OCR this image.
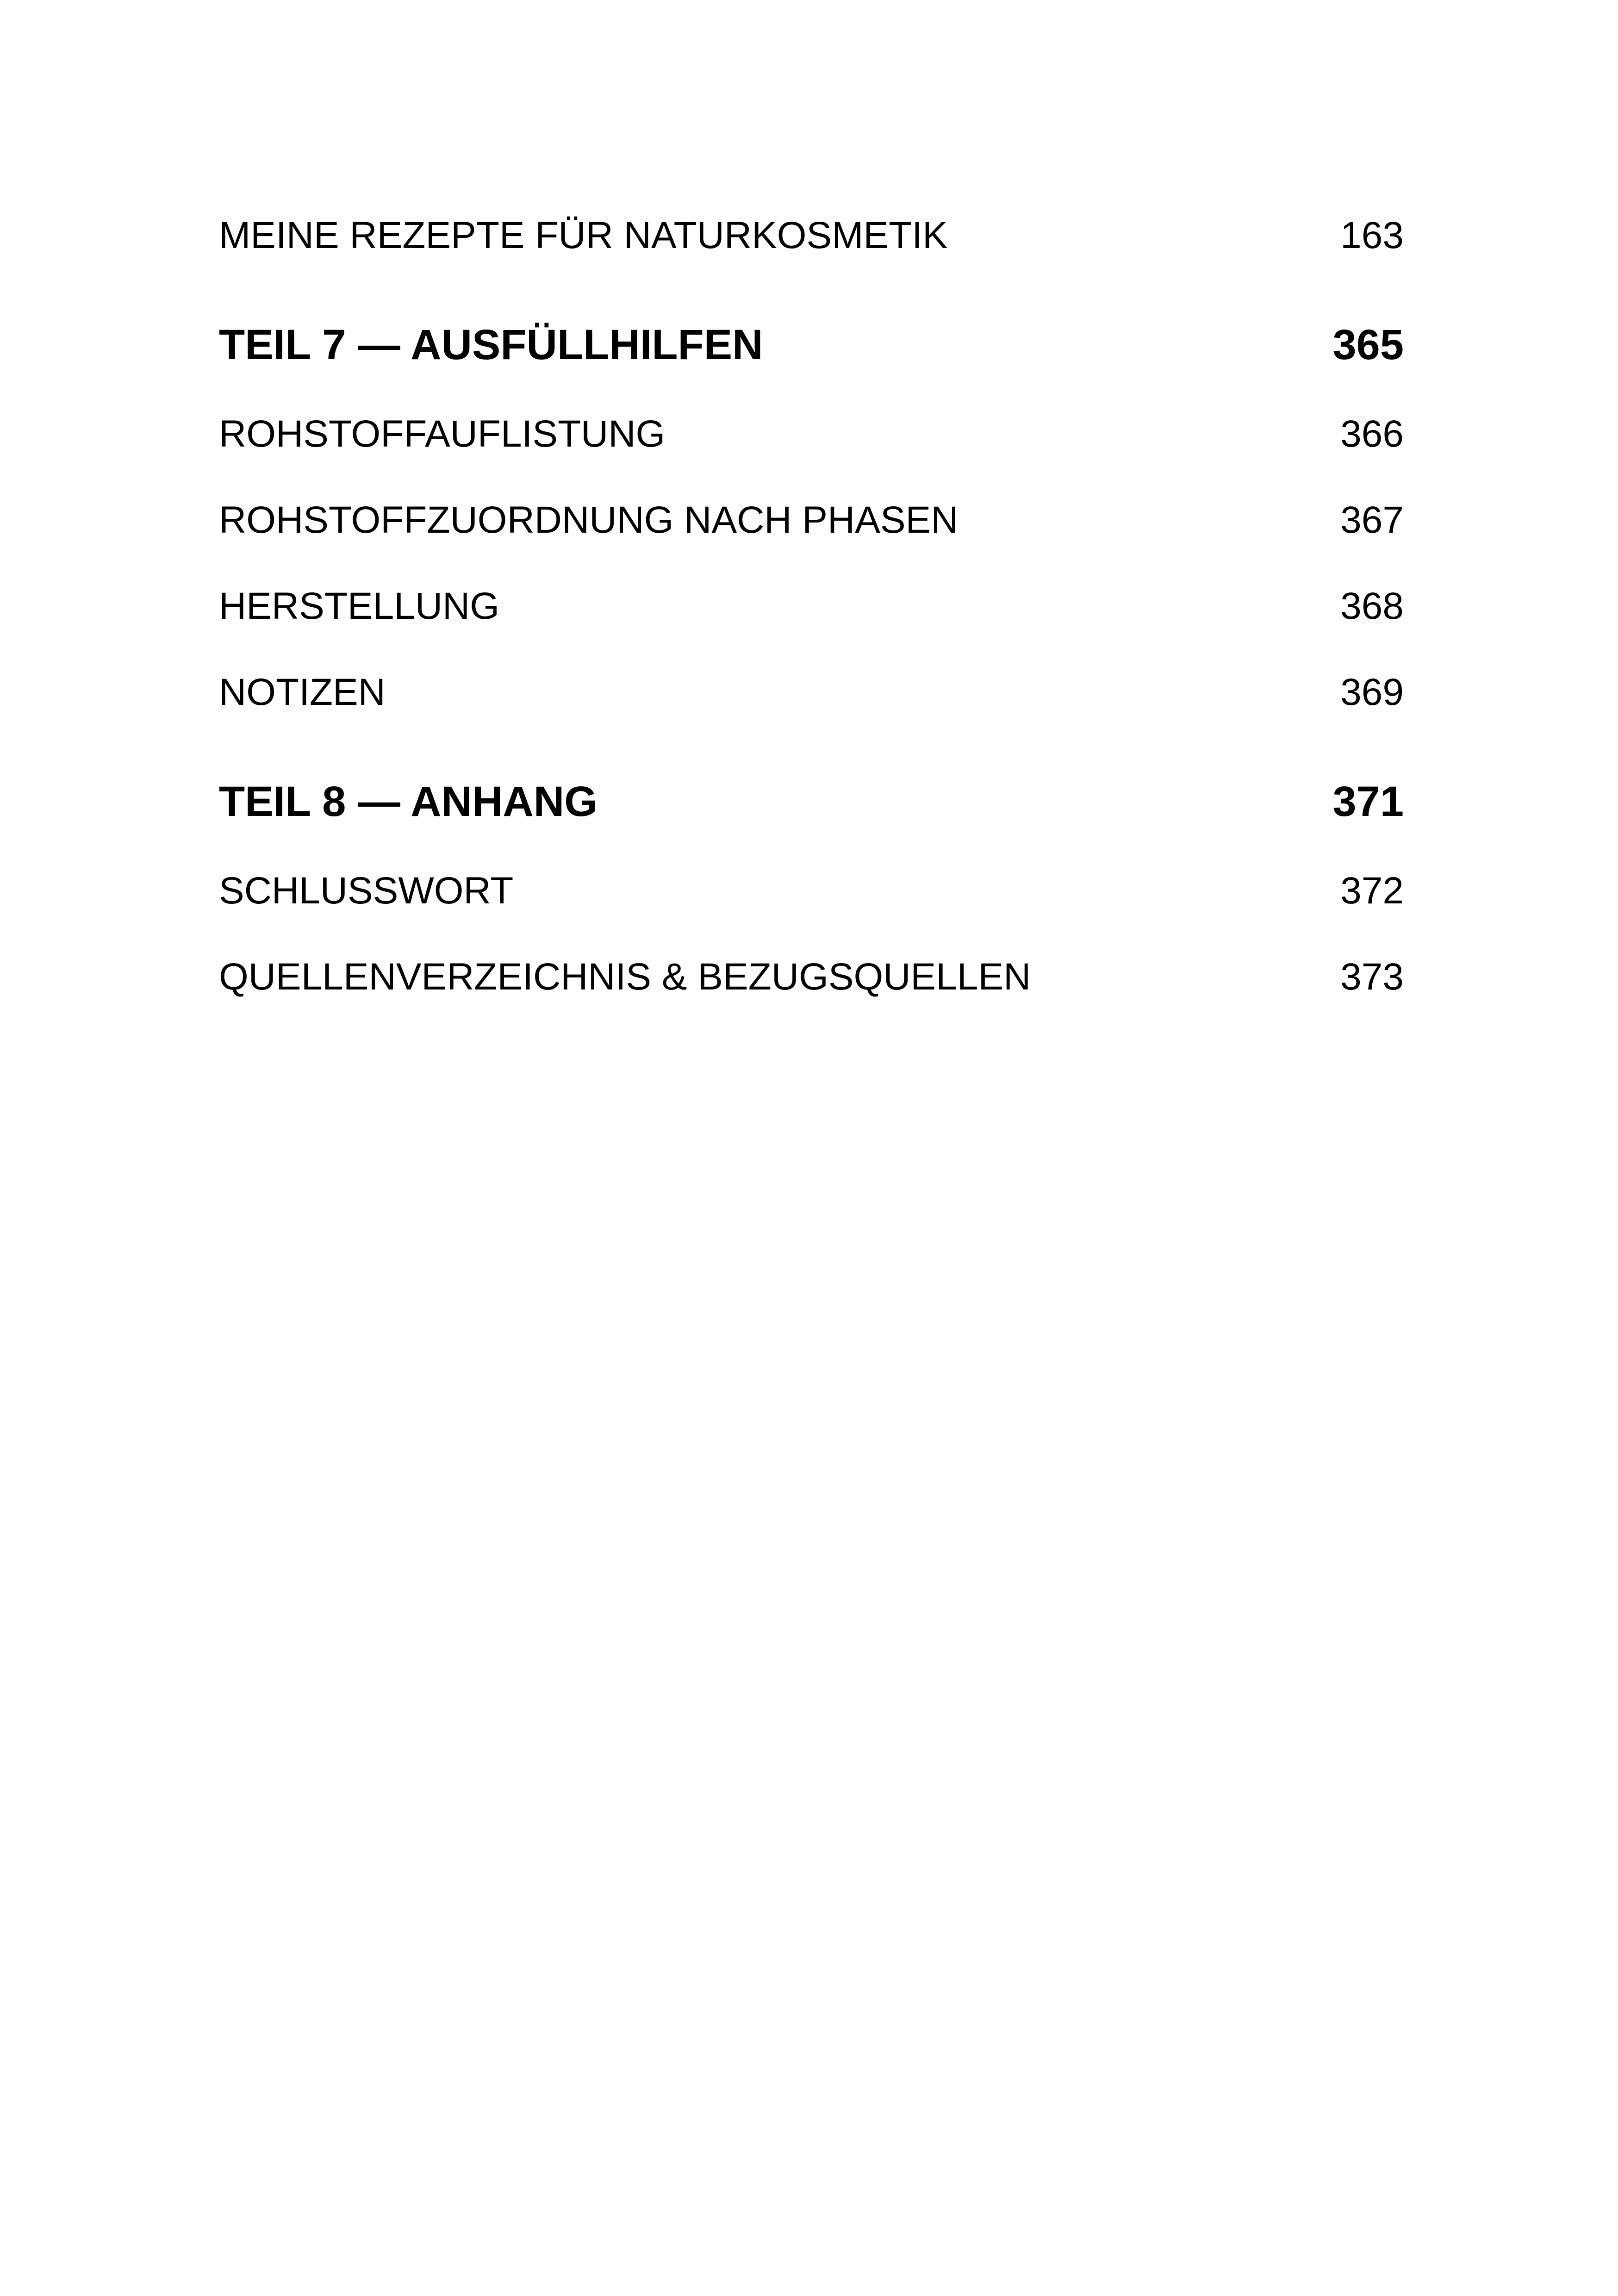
MEINE REZEPTE FÜR NATURKOSMETIK	163
TEIL 7 — AUSFÜLLHILFEN	365
ROHSTOFFAUFLISTUNG	366
ROHSTOFFZUORDNUNG NACH PHASEN	367
HERSTELLUNG	368
NOTIZEN	369
TEIL 8 — ANHANG	371
SCHLUSSWORT	372
QUELLENVERZEICHNIS & BEZUGSQUELLEN	373
